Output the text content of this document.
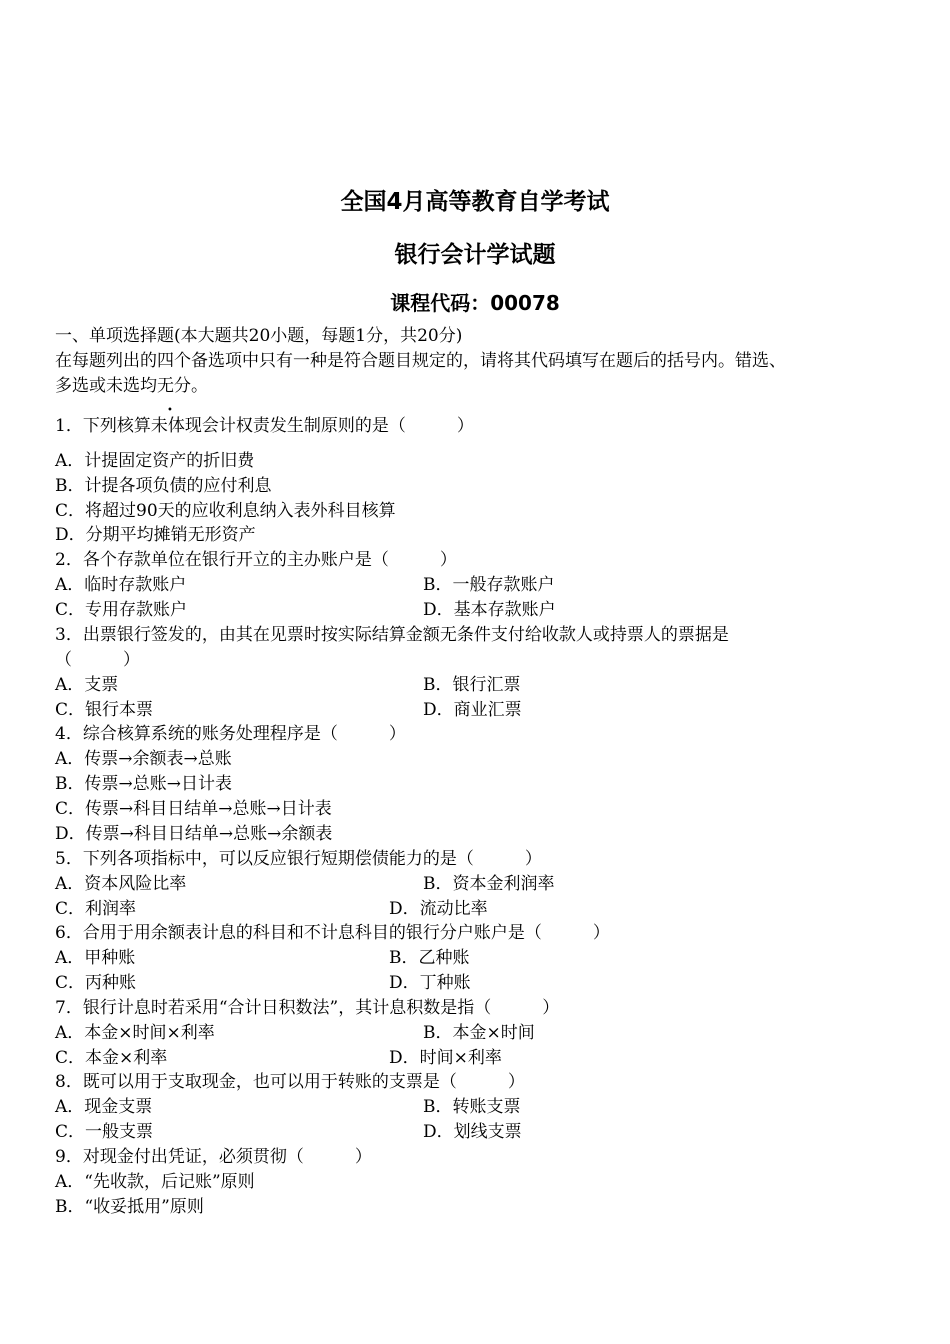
全国4月高等教育自学考试
银行会计学试题
课程代码：00078
一、单项选择题(本大题共20小题，每题1分，共20分)
在每题列出的四个备选项中只有一种是符合题目规定的，请将其代码填写在题后的括号内。错选、
多选或未选均无分。
•
1．下列核算未体现会计权责发生制原则的是（　　　）
A．计提固定资产的折旧费
B．计提各项负债的应付利息
C．将超过90天的应收利息纳入表外科目核算
D．分期平均摊销无形资产
2．各个存款单位在银行开立的主办账户是（　　　）
A．临时存款账户	B．一般存款账户
C．专用存款账户	D．基本存款账户
3．出票银行签发的，由其在见票时按实际结算金额无条件支付给收款人或持票人的票据是
（　　　）
A．支票	B．银行汇票
C．银行本票	D．商业汇票
4．综合核算系统的账务处理程序是（　　　）
A．传票→余额表→总账
B．传票→总账→日计表
C．传票→科目日结单→总账→日计表
D．传票→科目日结单→总账→余额表
5．下列各项指标中，可以反应银行短期偿债能力的是（　　　）
A．资本风险比率	B．资本金利润率
C．利润率	D．流动比率
6．合用于用余额表计息的科目和不计息科目的银行分户账户是（　　　）
A．甲种账	B．乙种账
C．丙种账	D．丁种账
7．银行计息时若采用“合计日积数法”，其计息积数是指（　　　）
A．本金×时间×利率	B．本金×时间
C．本金×利率	D．时间×利率
8．既可以用于支取现金，也可以用于转账的支票是（　　　）
A．现金支票	B．转账支票
C．一般支票	D．划线支票
9．对现金付出凭证，必须贯彻（　　　）
A．“先收款，后记账”原则
B．“收妥抵用”原则
